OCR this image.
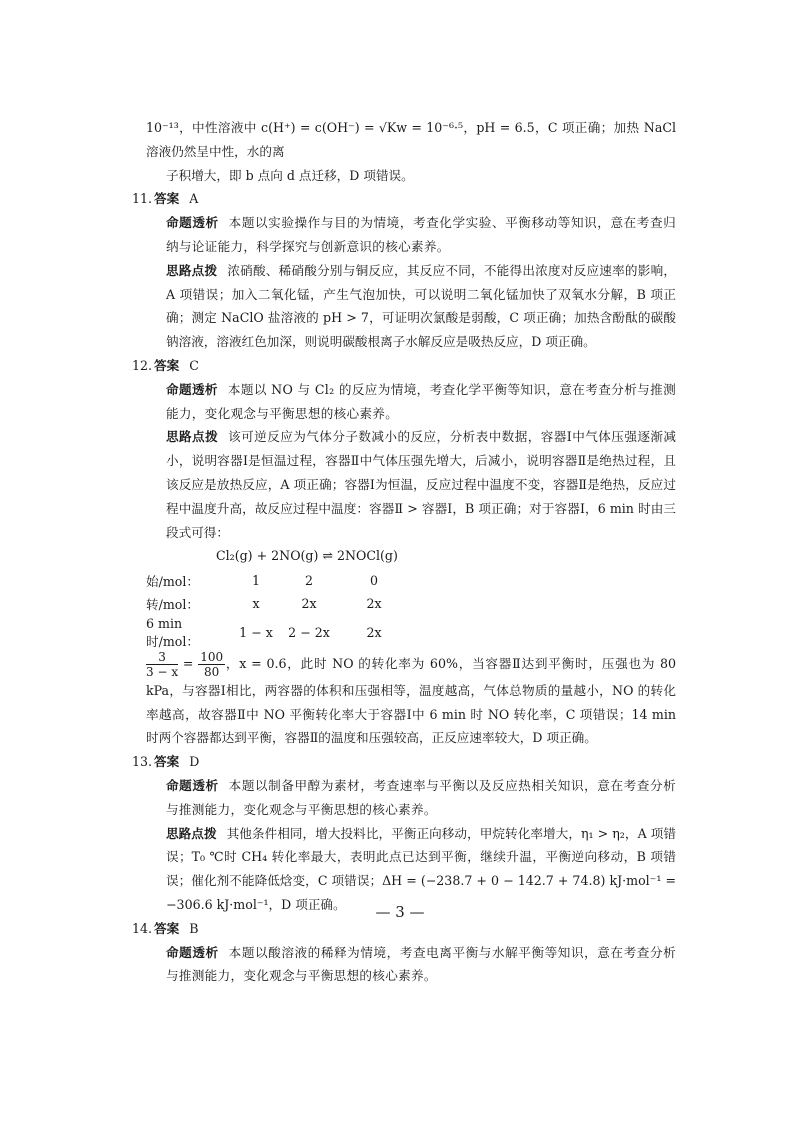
10⁻¹³，中性溶液中 c(H⁺) = c(OH⁻) = √Kw = 10⁻⁶·⁵，pH = 6.5，C 项正确；加热 NaCl 溶液仍然呈中性，水的离

子积增大，即 b 点向 d 点迁移，D 项错误。

11. 答案 A

命题透析 本题以实验操作与目的为情境，考查化学实验、平衡移动等知识，意在考查归纳与论证能力，科学探究与创新意识的核心素养。

思路点拨 浓硝酸、稀硝酸分别与铜反应，其反应不同，不能得出浓度对反应速率的影响，A 项错误；加入二氧化锰，产生气泡加快，可以说明二氧化锰加快了双氧水分解，B 项正确；测定 NaClO 盐溶液的 pH > 7，可证明次氯酸是弱酸，C 项正确；加热含酚酞的碳酸钠溶液，溶液红色加深，则说明碳酸根离子水解反应是吸热反应，D 项正确。

12. 答案 C

命题透析 本题以 NO 与 Cl₂ 的反应为情境，考查化学平衡等知识，意在考查分析与推测能力，变化观念与平衡思想的核心素养。

思路点拨 该可逆反应为气体分子数减小的反应，分析表中数据，容器Ⅰ中气体压强逐渐减小，说明容器Ⅰ是恒温过程，容器Ⅱ中气体压强先增大，后减小，说明容器Ⅱ是绝热过程，且该反应是放热反应，A 项正确；容器Ⅰ为恒温，反应过程中温度不变，容器Ⅱ是绝热，反应过程中温度升高，故反应过程中温度：容器Ⅱ > 容器Ⅰ，B 项正确；对于容器Ⅰ，6 min 时由三段式可得：

Cl₂(g) + 2NO(g) ⇌ 2NOCl(g)

始/mol：	1	2	0
转/mol：	x	2x	2x
6 min 时/mol：	1 − x	2 − 2x	2x

$\frac{3}{3 - x} = \frac{100}{80}$ ，x = 0.6，此时 NO 的转化率为 60%，当容器Ⅱ达到平衡时，压强也为 80 kPa，与容器Ⅰ相比，两容器的体积和压强相等，温度越高，气体总物质的量越小，NO 的转化率越高，故容器Ⅱ中 NO 平衡转化率大于容器Ⅰ中 6 min 时 NO 转化率，C 项错误；14 min 时两个容器都达到平衡，容器Ⅱ的温度和压强较高，正反应速率较大，D 项正确。

13. 答案 D

命题透析 本题以制备甲醇为素材，考查速率与平衡以及反应热相关知识，意在考查分析与推测能力，变化观念与平衡思想的核心素养。

思路点拨 其他条件相同，增大投料比，平衡正向移动，甲烷转化率增大，η₁ > η₂，A 项错误；T₀ ℃时 CH₄ 转化率最大，表明此点已达到平衡，继续升温，平衡逆向移动，B 项错误；催化剂不能降低焓变，C 项错误；ΔH = (−238.7 + 0 − 142.7 + 74.8) kJ·mol⁻¹ = −306.6 kJ·mol⁻¹，D 项正确。

14. 答案 B

命题透析 本题以酸溶液的稀释为情境，考查电离平衡与水解平衡等知识，意在考查分析与推测能力，变化观念与平衡思想的核心素养。

— 3 —
